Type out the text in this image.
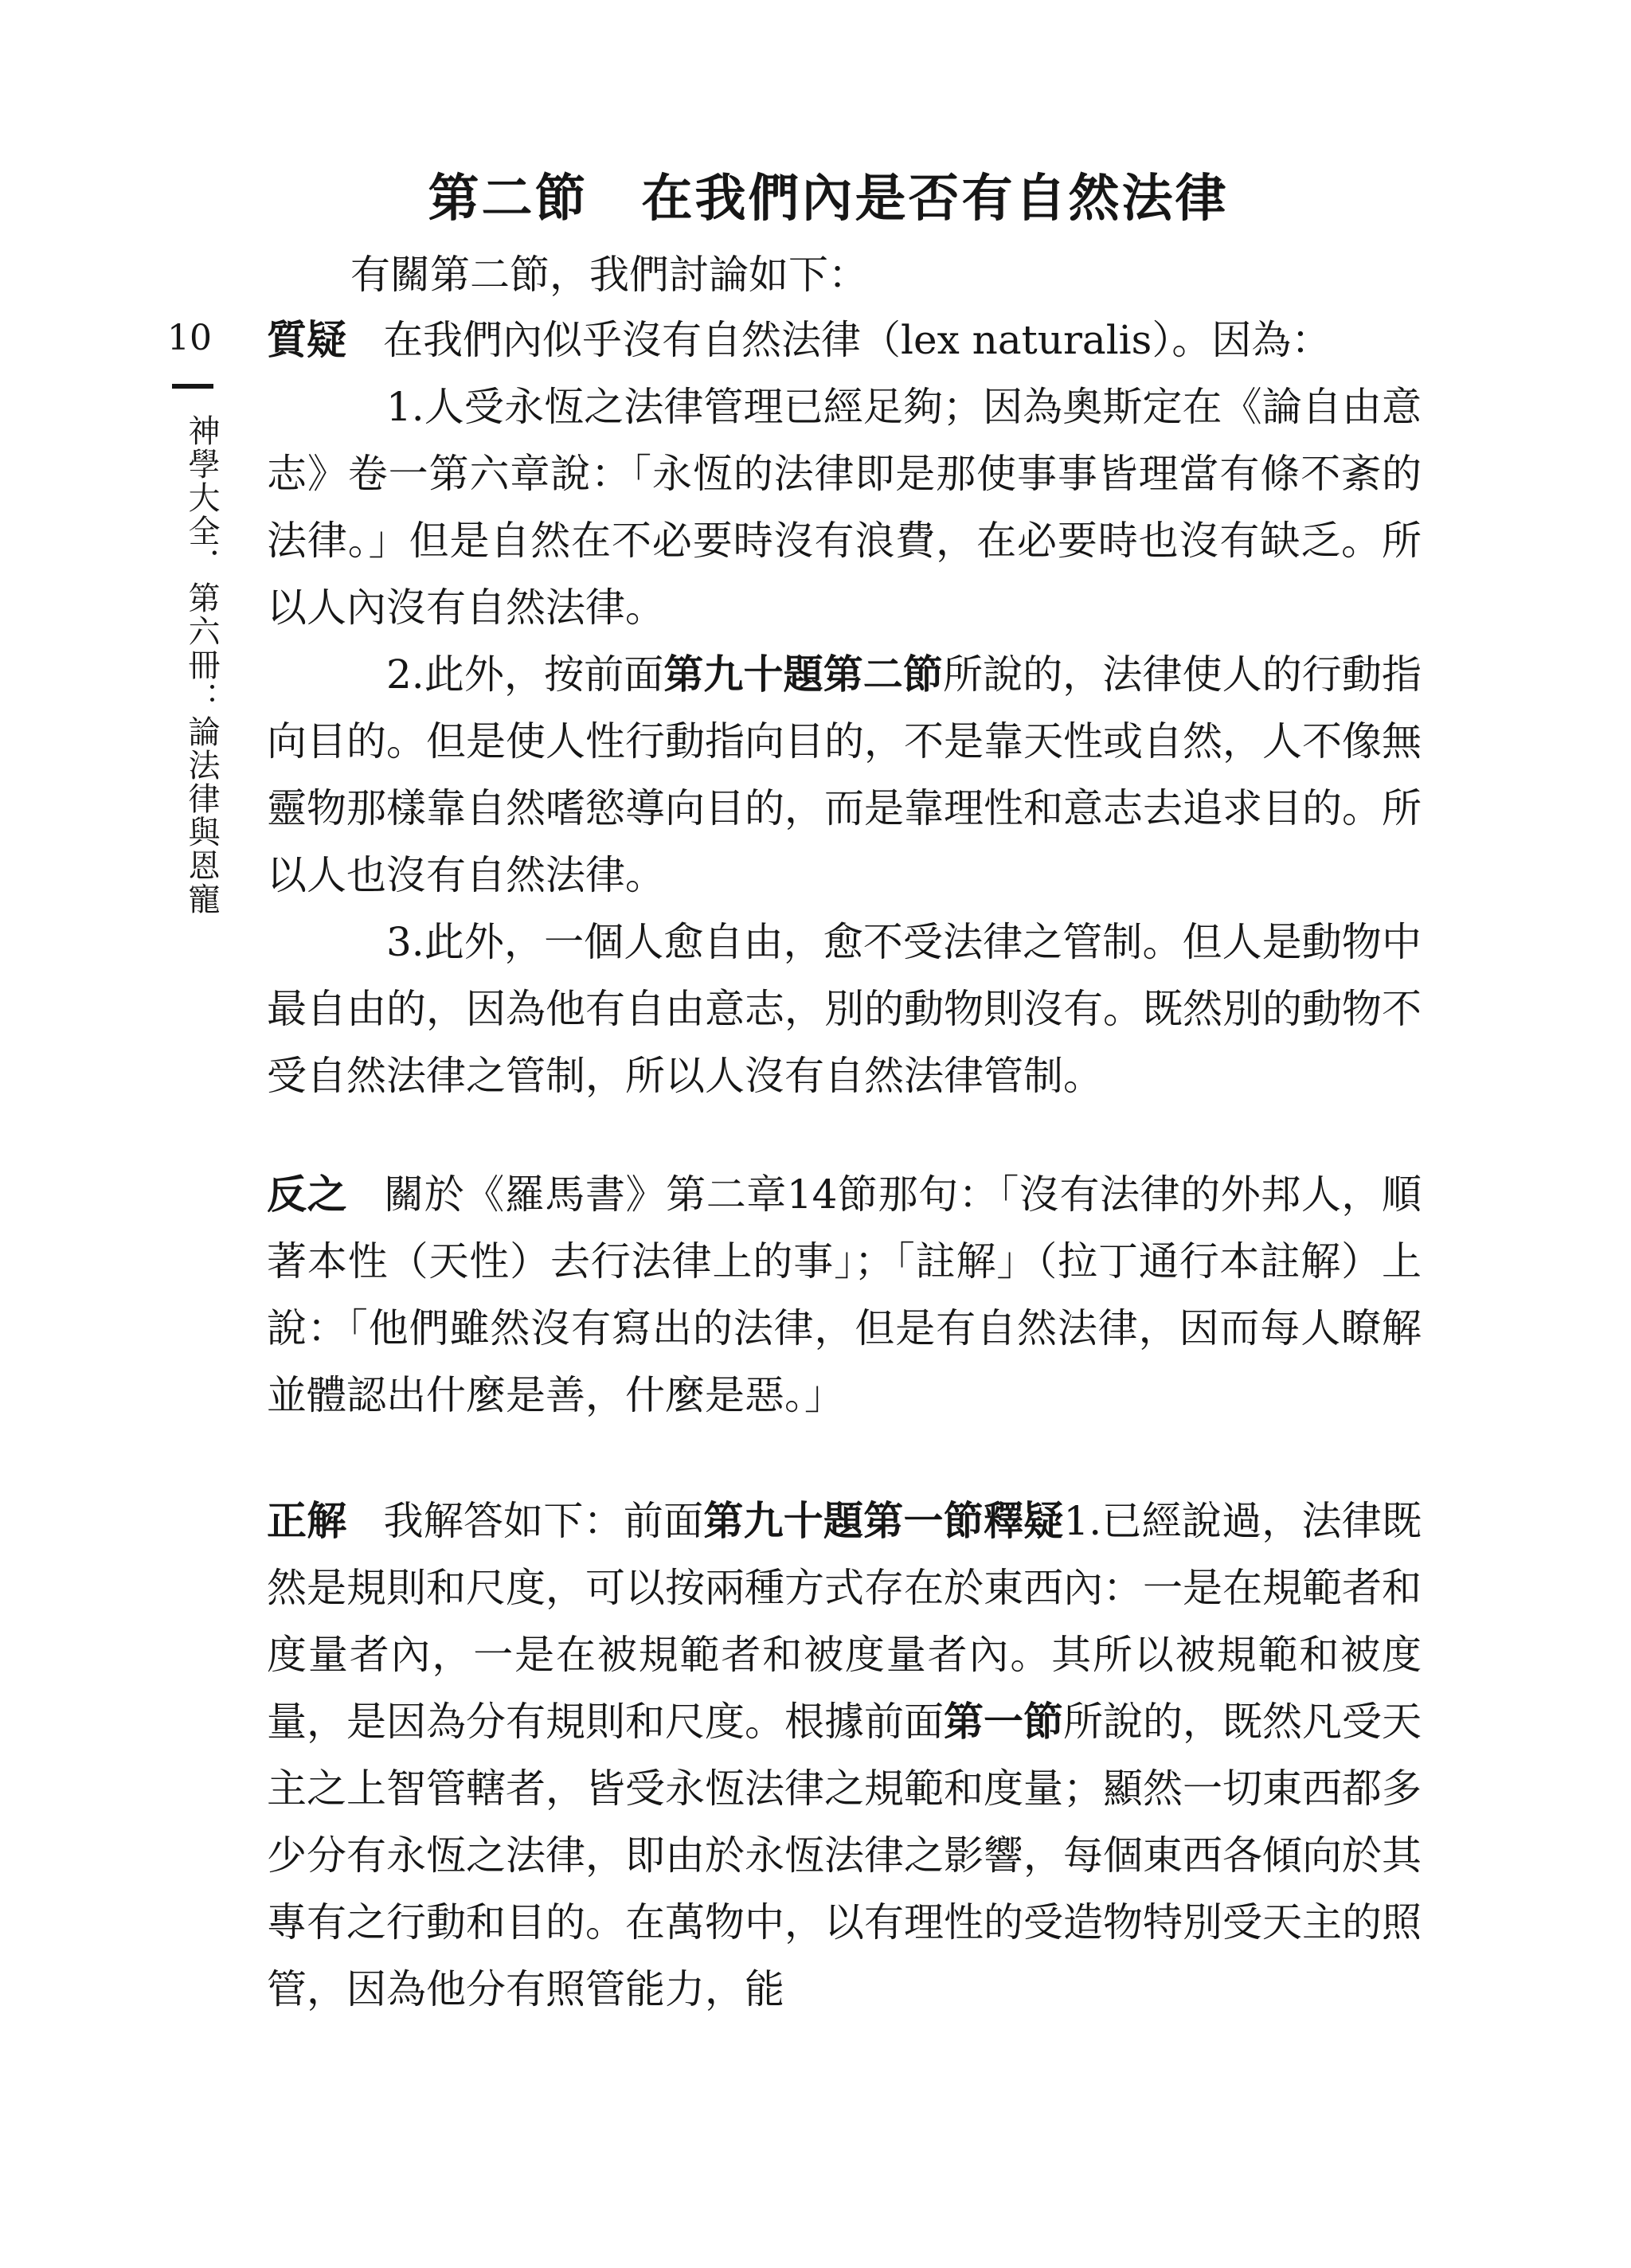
第二節　在我們內是否有自然法律
有關第二節，我們討論如下：
10
神學大全．第六冊：論法律與恩寵

質疑 在我們內似乎沒有自然法律（lex naturalis）。因為：

1.人受永恆之法律管理已經足夠；因為奧斯定在《論自由意志》卷一第六章說：「永恆的法律即是那使事事皆理當有條不紊的法律。」但是自然在不必要時沒有浪費，在必要時也沒有缺乏。所以人內沒有自然法律。

2.此外，按前面第九十題第二節所說的，法律使人的行動指向目的。但是使人性行動指向目的，不是靠天性或自然，人不像無靈物那樣靠自然嗜慾導向目的，而是靠理性和意志去追求目的。所以人也沒有自然法律。

3.此外，一個人愈自由，愈不受法律之管制。但人是動物中最自由的，因為他有自由意志，別的動物則沒有。既然別的動物不受自然法律之管制，所以人沒有自然法律管制。

反之 關於《羅馬書》第二章14節那句：「沒有法律的外邦人，順著本性（天性）去行法律上的事」；「註解」（拉丁通行本註解）上說：「他們雖然沒有寫出的法律，但是有自然法律，因而每人瞭解並體認出什麼是善，什麼是惡。」

正解 我解答如下：前面第九十題第一節釋疑1.已經說過，法律既然是規則和尺度，可以按兩種方式存在於東西內：一是在規範者和度量者內，一是在被規範者和被度量者內。其所以被規範和被度量，是因為分有規則和尺度。根據前面第一節所說的，既然凡受天主之上智管轄者，皆受永恆法律之規範和度量；顯然一切東西都多少分有永恆之法律，即由於永恆法律之影響，每個東西各傾向於其專有之行動和目的。在萬物中，以有理性的受造物特別受天主的照管，因為他分有照管能力，能
